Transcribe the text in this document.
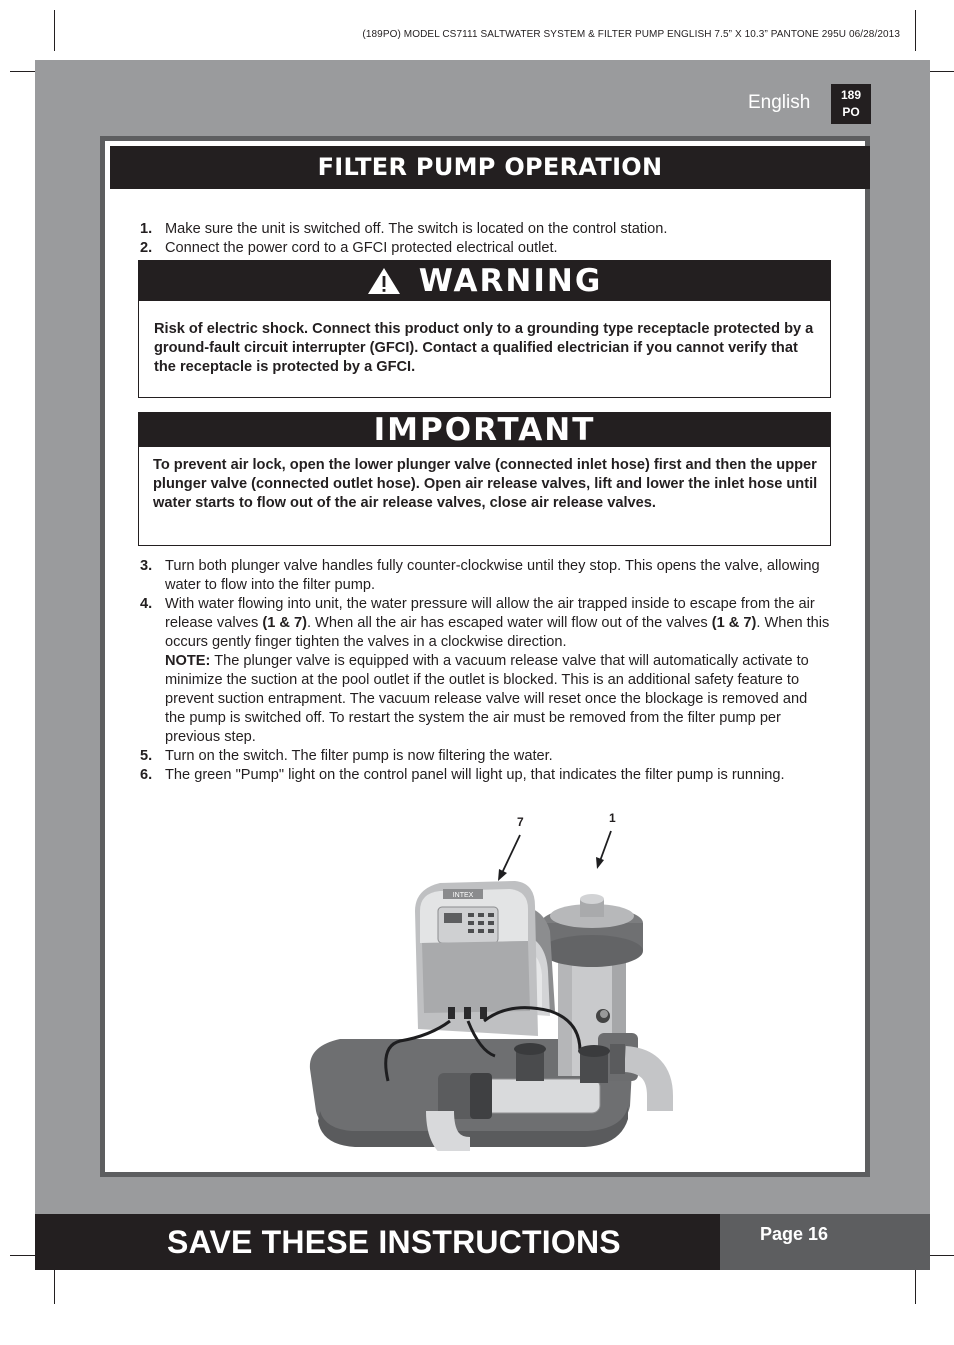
(189PO) MODEL CS7111 SALTWATER SYSTEM & FILTER PUMP ENGLISH 7.5” X 10.3” PANTONE 295U 06/28/2013
English	189
PO
FILTER PUMP OPERATION
1. Make sure the unit is switched off. The switch is located on the control station.
2. Connect the power cord to a GFCI protected electrical outlet.
WARNING
Risk of electric shock. Connect this product only to a grounding type receptacle protected by a ground-fault circuit interrupter (GFCI). Contact a qualified electrician if you cannot verify that the receptacle is protected by a GFCI.
IMPORTANT
To prevent air lock, open the lower plunger valve (connected inlet hose) first and then the upper plunger valve (connected outlet hose). Open air release valves, lift and lower the inlet hose until water starts to flow out of the air release valves, close air release valves.
3. Turn both plunger valve handles fully counter-clockwise until they stop. This opens the valve, allowing water to flow into the filter pump.
4. With water flowing into unit, the water pressure will allow the air trapped inside to escape from the air release valves (1 & 7). When all the air has escaped water will flow out of the valves (1 & 7). When this occurs gently finger tighten the valves in a clockwise direction.
NOTE: The plunger valve is equipped with a vacuum release valve that will automatically activate to minimize the suction at the pool outlet if the outlet is blocked. This is an additional safety feature to prevent suction entrapment. The vacuum release valve will reset once the blockage is removed and the pump is switched off. To restart the system the air must be removed from the filter pump per previous step.
5. Turn on the switch. The filter pump is now filtering the water.
6. The green "Pump" light on the control panel will light up, that indicates the filter pump is running.
INTEX
7	1
SAVE THESE INSTRUCTIONS	Page 16
